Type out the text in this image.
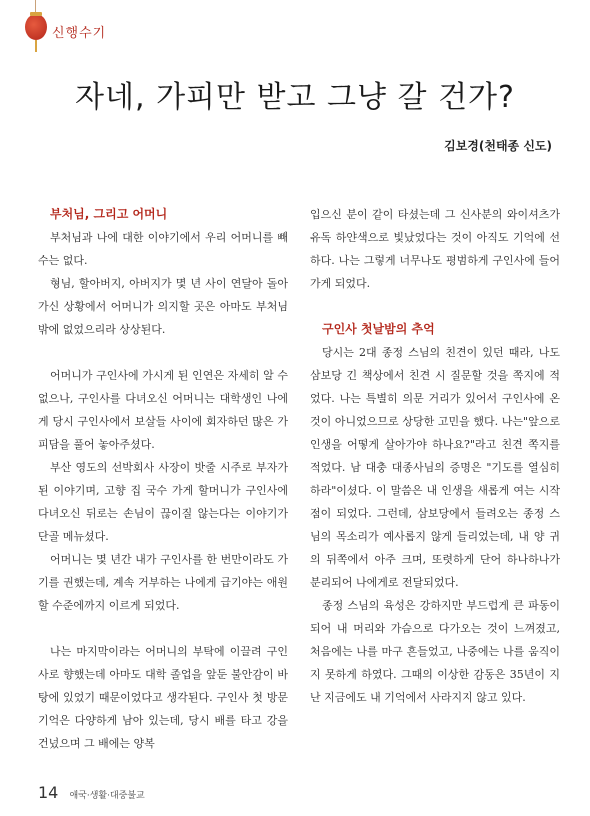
신행수기
자네, 가피만 받고 그냥 갈 건가?
김보경(천태종 신도)
부처님, 그리고 어머니

부처님과 나에 대한 이야기에서 우리 어머니를 빼 수는 없다.

형님, 할아버지, 아버지가 몇 년 사이 연달아 돌아가신 상황에서 어머니가 의지할 곳은 아마도 부처님밖에 없었으리라 상상된다.

어머니가 구인사에 가시게 된 인연은 자세히 알 수 없으나, 구인사를 다녀오신 어머니는 대학생인 나에게 당시 구인사에서 보살들 사이에 회자하던 많은 가피담을 풀어 놓아주셨다.

부산 영도의 선박회사 사장이 밧줄 시주로 부자가 된 이야기며, 고향 집 국수 가게 할머니가 구인사에 다녀오신 뒤로는 손님이 끊이질 않는다는 이야기가 단골 메뉴셨다.

어머니는 몇 년간 내가 구인사를 한 번만이라도 가기를 권했는데, 계속 거부하는 나에게 급기야는 애원할 수준에까지 이르게 되었다.

나는 마지막이라는 어머니의 부탁에 이끌려 구인사로 향했는데 아마도 대학 졸업을 앞둔 불안감이 바탕에 있었기 때문이었다고 생각된다. 구인사 첫 방문 기억은 다양하게 남아 있는데, 당시 배를 타고 강을 건넜으며 그 배에는 양복

입으신 분이 같이 타셨는데 그 신사분의 와이셔츠가 유독 하얀색으로 빛났었다는 것이 아직도 기억에 선하다. 나는 그렇게 너무나도 평범하게 구인사에 들어가게 되었다.

구인사 첫날밤의 추억

당시는 2대 종정 스님의 친견이 있던 때라, 나도 삼보당 긴 책상에서 친견 시 질문할 것을 쪽지에 적었다. 나는 특별히 의문 거리가 있어서 구인사에 온 것이 아니었으므로 상당한 고민을 했다. 나는"앞으로 인생을 어떻게 살아가야 하나요?"라고 친견 쪽지를 적었다. 남 대충 대종사님의 증명은 "기도를 열심히 하라"이셨다. 이 말씀은 내 인생을 새롭게 여는 시작점이 되었다. 그런데, 삼보당에서 들려오는 종정 스님의 목소리가 예사롭지 않게 들리었는데, 내 양 귀의 뒤쪽에서 아주 크며, 또렷하게 단어 하나하나가 분리되어 나에게로 전달되었다.

종정 스님의 육성은 강하지만 부드럽게 큰 파동이 되어 내 머리와 가슴으로 다가오는 것이 느껴졌고, 처음에는 나를 마구 흔들었고, 나중에는 나를 움직이지 못하게 하였다. 그때의 이상한 감동은 35년이 지난 지금에도 내 기억에서 사라지지 않고 있다.

14 애국·생활·대중불교
